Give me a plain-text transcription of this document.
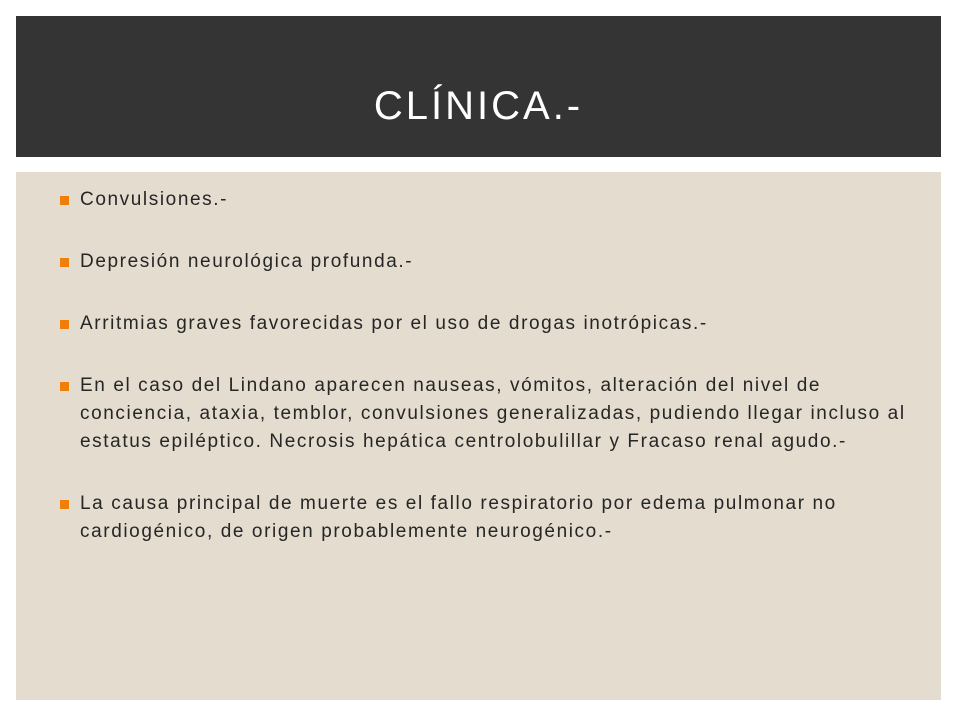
CLÍNICA.-
Convulsiones.-
Depresión neurológica profunda.-
Arritmias graves favorecidas por el uso de drogas inotrópicas.-
En el caso del Lindano aparecen nauseas, vómitos, alteración del nivel de conciencia, ataxia, temblor, convulsiones generalizadas, pudiendo llegar incluso al estatus epiléptico. Necrosis hepática centrolobulillar y Fracaso renal agudo.-
La causa principal de muerte es el fallo respiratorio por edema pulmonar no cardiogénico, de origen probablemente neurogénico.-
